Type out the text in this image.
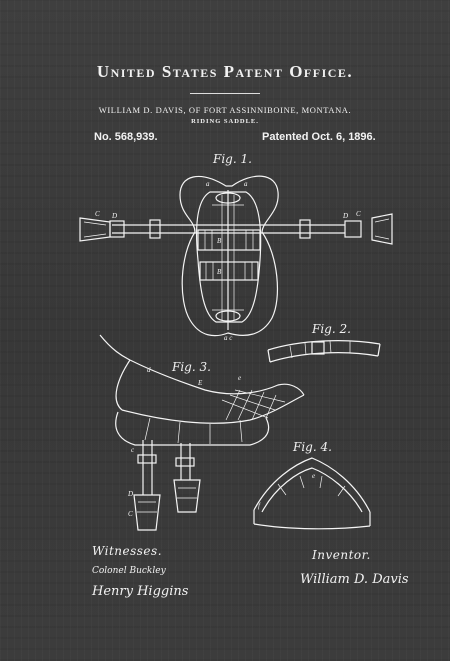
United States Patent Office.
WILLIAM D. DAVIS, OF FORT ASSINNIBOINE, MONTANA.
RIDING SADDLE.
No. 568,939.	Patented Oct. 6, 1896.
a	a
D
C	D C
B
B
a c
d
E
e
c
D
C
e
f
Fig. 1.
Fig. 2.
Fig. 3.
Fig. 4.
Witnesses.	Inventor.
Colonel Buckley
Henry Higgins
William D. Davis
